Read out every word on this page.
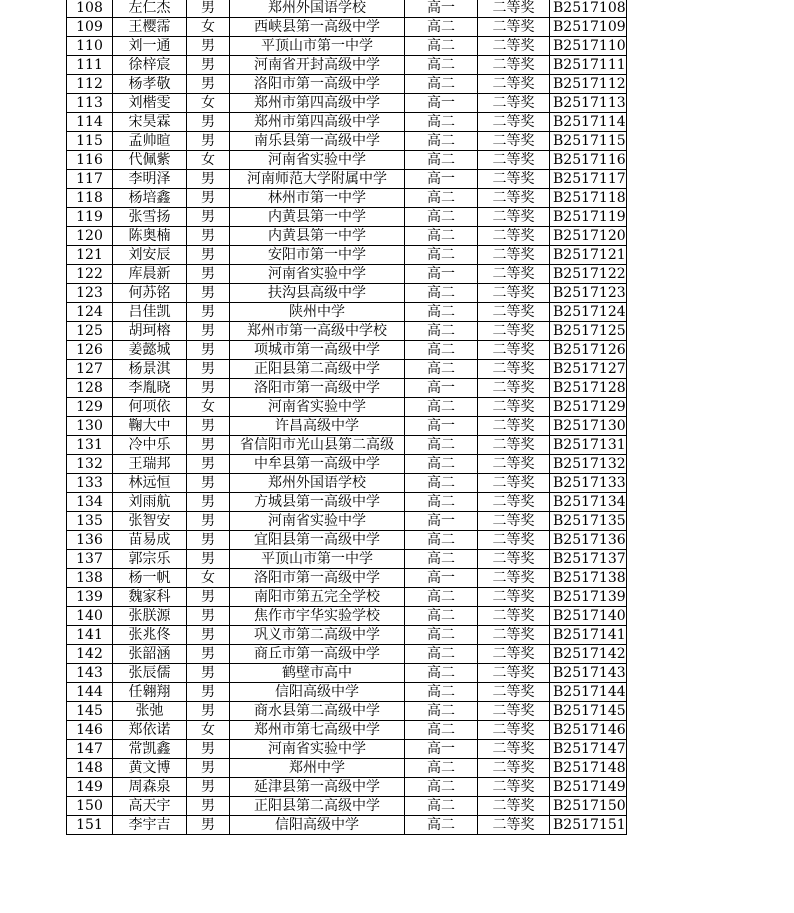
108	左仁杰	男	郑州外国语学校	高一	二等奖	B2517108
109	王樱霈	女	西峡县第一高级中学	高二	二等奖	B2517109
110	刘一通	男	平顶山市第一中学	高二	二等奖	B2517110
111	徐梓宸	男	河南省开封高级中学	高二	二等奖	B2517111
112	杨孝敬	男	洛阳市第一高级中学	高二	二等奖	B2517112
113	刘楷雯	女	郑州市第四高级中学	高一	二等奖	B2517113
114	宋昊霖	男	郑州市第四高级中学	高二	二等奖	B2517114
115	孟帅暄	男	南乐县第一高级中学	高二	二等奖	B2517115
116	代佩紫	女	河南省实验中学	高二	二等奖	B2517116
117	李明泽	男	河南师范大学附属中学	高一	二等奖	B2517117
118	杨培鑫	男	林州市第一中学	高二	二等奖	B2517118
119	张雪扬	男	内黄县第一中学	高二	二等奖	B2517119
120	陈奥楠	男	内黄县第一中学	高二	二等奖	B2517120
121	刘安辰	男	安阳市第一中学	高二	二等奖	B2517121
122	库晨新	男	河南省实验中学	高一	二等奖	B2517122
123	何苏铭	男	扶沟县高级中学	高二	二等奖	B2517123
124	吕佳凯	男	陕州中学	高二	二等奖	B2517124
125	胡珂榕	男	郑州市第一高级中学校	高二	二等奖	B2517125
126	姜懿城	男	项城市第一高级中学	高二	二等奖	B2517126
127	杨景淇	男	正阳县第二高级中学	高二	二等奖	B2517127
128	李胤晓	男	洛阳市第一高级中学	高一	二等奖	B2517128
129	何项依	女	河南省实验中学	高二	二等奖	B2517129
130	鞠大中	男	许昌高级中学	高一	二等奖	B2517130
131	冷中乐	男	省信阳市光山县第二高级	高二	二等奖	B2517131
132	王瑞邦	男	中牟县第一高级中学	高二	二等奖	B2517132
133	林远恒	男	郑州外国语学校	高二	二等奖	B2517133
134	刘雨航	男	方城县第一高级中学	高二	二等奖	B2517134
135	张智安	男	河南省实验中学	高一	二等奖	B2517135
136	苗易成	男	宜阳县第一高级中学	高二	二等奖	B2517136
137	郭宗乐	男	平顶山市第一中学	高二	二等奖	B2517137
138	杨一帆	女	洛阳市第一高级中学	高一	二等奖	B2517138
139	魏家科	男	南阳市第五完全学校	高二	二等奖	B2517139
140	张朕源	男	焦作市宇华实验学校	高二	二等奖	B2517140
141	张兆佟	男	巩义市第二高级中学	高二	二等奖	B2517141
142	张韶涵	男	商丘市第一高级中学	高二	二等奖	B2517142
143	张辰儒	男	鹤壁市高中	高二	二等奖	B2517143
144	任翱翔	男	信阳高级中学	高二	二等奖	B2517144
145	张弛	男	商水县第二高级中学	高二	二等奖	B2517145
146	郑依诺	女	郑州市第七高级中学	高二	二等奖	B2517146
147	常凯鑫	男	河南省实验中学	高一	二等奖	B2517147
148	黄文博	男	郑州中学	高二	二等奖	B2517148
149	周森泉	男	延津县第一高级中学	高二	二等奖	B2517149
150	高天宇	男	正阳县第二高级中学	高二	二等奖	B2517150
151	李宇吉	男	信阳高级中学	高二	二等奖	B2517151
